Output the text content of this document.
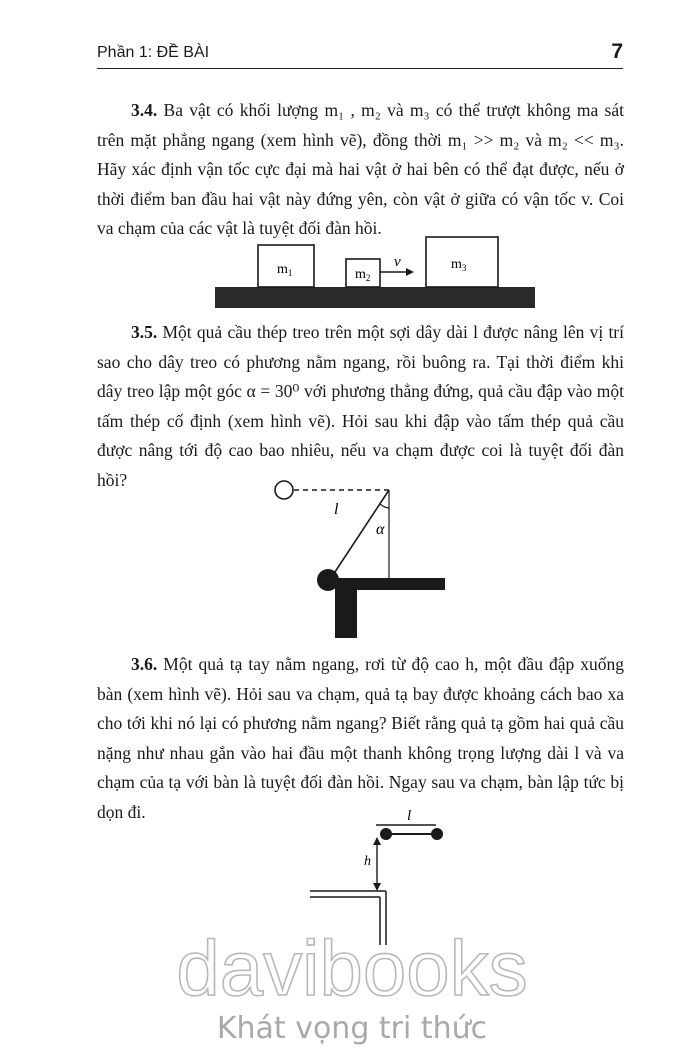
Phần 1: ĐỀ BÀI	7

3.4. Ba vật có khối lượng m₁ , m₂ và m₃ có thể trượt không ma sát trên mặt phẳng ngang (xem hình vẽ), đồng thời m₁ >> m₂ và m₂ << m₃. Hãy xác định vận tốc cực đại mà hai vật ở hai bên có thể đạt được, nếu ở thời điểm ban đầu hai vật này đứng yên, còn vật ở giữa có vận tốc v. Coi va chạm của các vật là tuyệt đối đàn hồi.

$m_1$	$m_2$
v	$m_3$

3.5. Một quả cầu thép treo trên một sợi dây dài l được nâng lên vị trí sao cho dây treo có phương nằm ngang, rồi buông ra. Tại thời điểm khi dây treo lập một góc α = 30⁰ với phương thẳng đứng, quả cầu đập vào một tấm thép cố định (xem hình vẽ). Hỏi sau khi đập vào tấm thép quả cầu được nâng tới độ cao bao nhiêu, nếu va chạm được coi là tuyệt đối đàn hồi?

l
α

3.6. Một quả tạ tay nằm ngang, rơi từ độ cao h, một đầu đập xuống bàn (xem hình vẽ). Hỏi sau va chạm, quả tạ bay được khoảng cách bao xa cho tới khi nó lại có phương nằm ngang? Biết rằng quả tạ gồm hai quả cầu nặng như nhau gắn vào hai đầu một thanh không trọng lượng dài l và va chạm của tạ với bàn là tuyệt đối đàn hồi. Ngay sau va chạm, bàn lập tức bị dọn đi.	l
h
davibooks
Khát vọng tri thức
